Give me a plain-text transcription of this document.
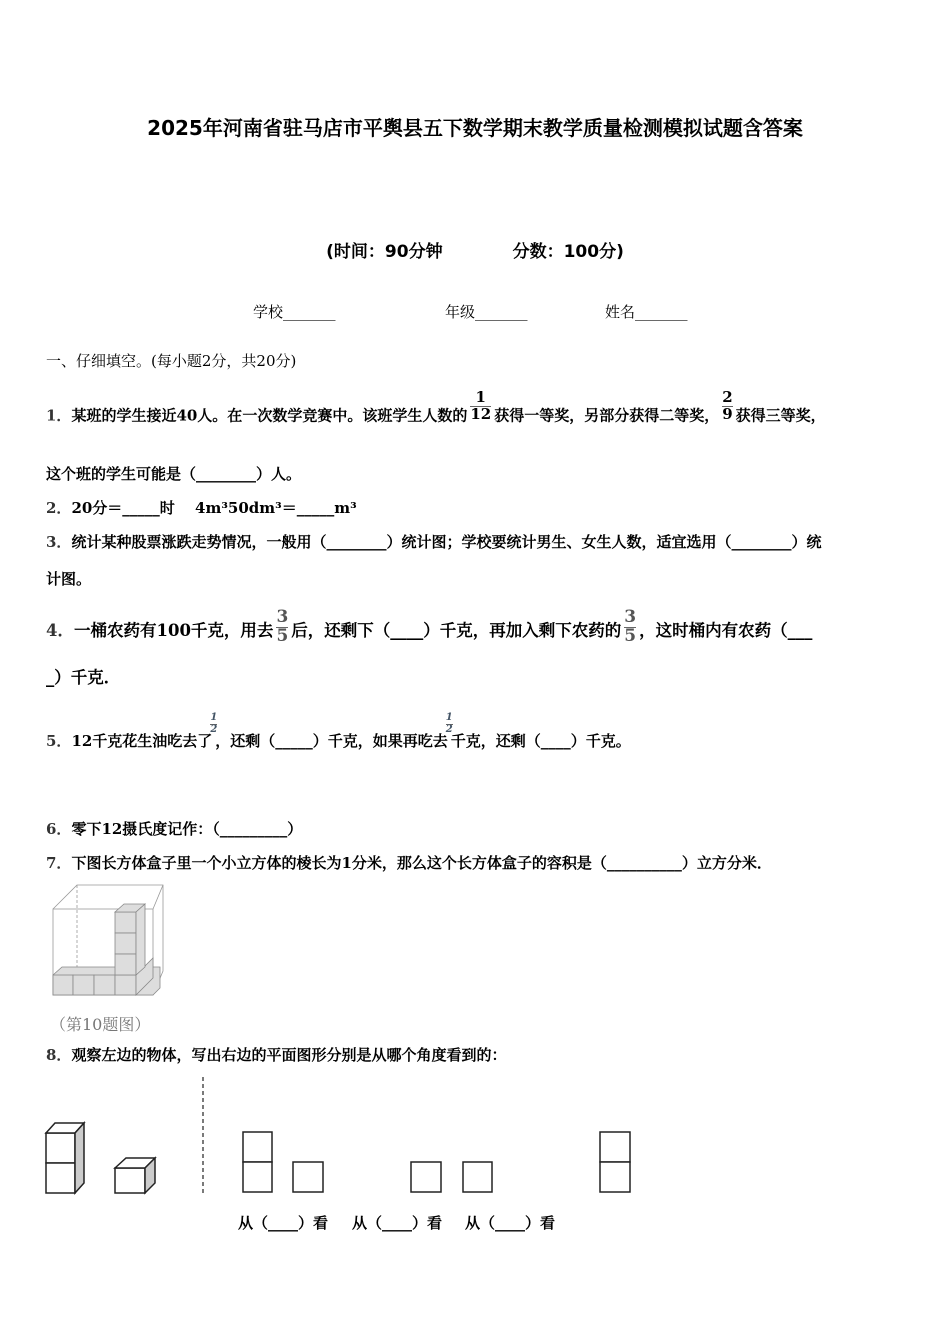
2025年河南省驻马店市平舆县五下数学期末教学质量检测模拟试题含答案
(时间：90分钟	分数：100分)
学校_______	年级_______	姓名_______
一、仔细填空。(每小题2分，共20分)
1．某班的学生接近40人。在一次数学竞赛中。该班学生人数的 $\frac{1}{12}$ 获得一等奖，另部分获得二等奖， $\frac{2}{9}$ 获得三等奖，
这个班的学生可能是（________）人。
2．20分＝_____时　 4m³50dm³＝_____m³
3．统计某种股票涨跌走势情况，一般用（________）统计图；学校要统计男生、女生人数，适宜选用（________）统
计图。
4．一桶农药有100千克，用去 $\frac{3}{5}$ 后，还剩下（____）千克，再加入剩下农药的 $\frac{3}{5}$ ，这时桶内有农药（___
_）千克．
5．12千克花生油吃去了
$\frac{1}{2}$
，还剩（_____）千克，如果再吃去
$\frac{1}{2}$
千克，还剩（____）千克。
6．零下12摄氏度记作：（_________）
7．下图长方体盒子里一个小立方体的棱长为1分米，那么这个长方体盒子的容积是（__________）立方分米．
（第10题图）
8．观察左边的物体，写出右边的平面图形分别是从哪个角度看到的：
从（____）看 从（____）看 从（____）看
